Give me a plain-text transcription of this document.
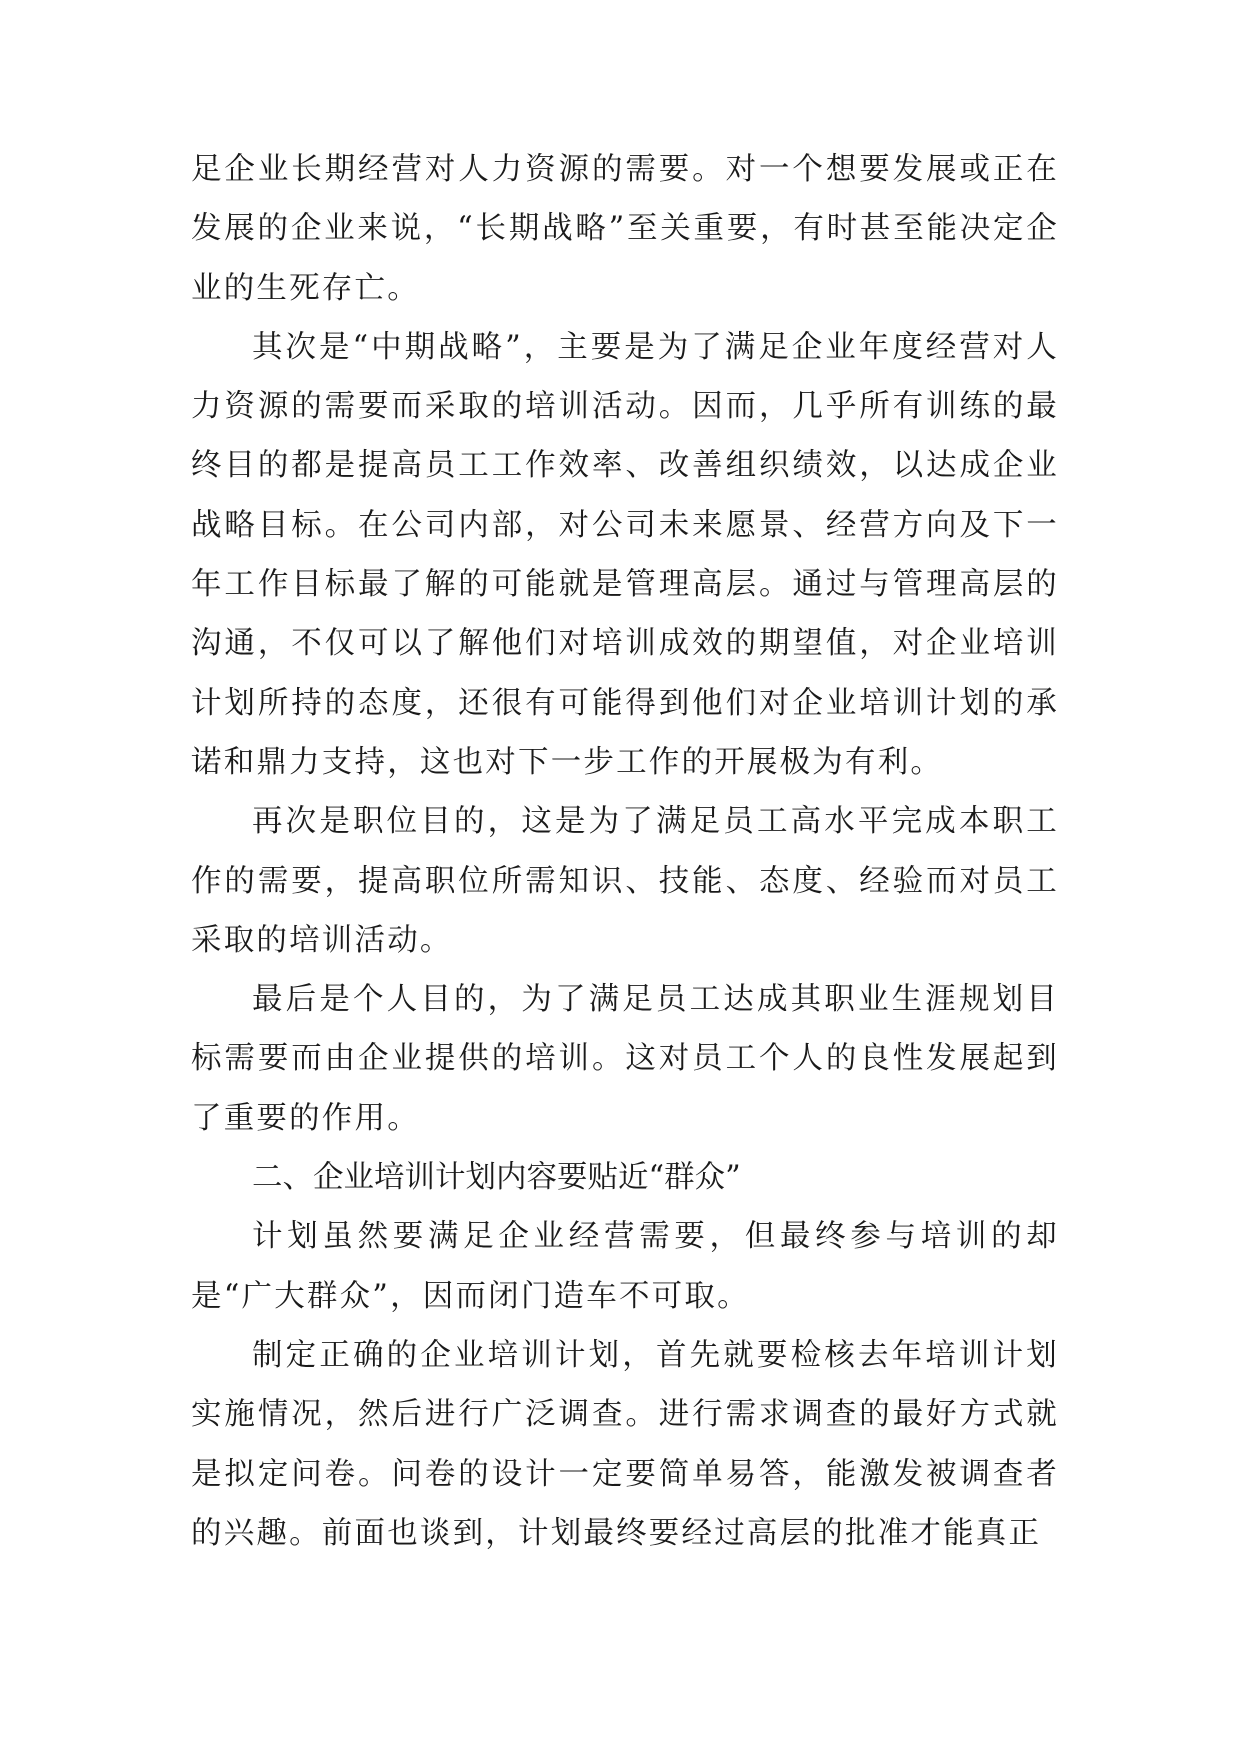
足企业长期经营对人力资源的需要。对一个想要发展或正在发展的企业来说，“长期战略”至关重要，有时甚至能决定企业的生死存亡。

其次是“中期战略”，主要是为了满足企业年度经营对人力资源的需要而采取的培训活动。因而，几乎所有训练的最终目的都是提高员工工作效率、改善组织绩效，以达成企业战略目标。在公司内部，对公司未来愿景、经营方向及下一年工作目标最了解的可能就是管理高层。通过与管理高层的沟通，不仅可以了解他们对培训成效的期望值，对企业培训计划所持的态度，还很有可能得到他们对企业培训计划的承诺和鼎力支持，这也对下一步工作的开展极为有利。

再次是职位目的，这是为了满足员工高水平完成本职工作的需要，提高职位所需知识、技能、态度、经验而对员工采取的培训活动。

最后是个人目的，为了满足员工达成其职业生涯规划目标需要而由企业提供的培训。这对员工个人的良性发展起到了重要的作用。

二、企业培训计划内容要贴近“群众”

计划虽然要满足企业经营需要，但最终参与培训的却是“广大群众”，因而闭门造车不可取。

制定正确的企业培训计划，首先就要检核去年培训计划实施情况，然后进行广泛调查。进行需求调查的最好方式就是拟定问卷。问卷的设计一定要简单易答，能激发被调查者的兴趣。前面也谈到，计划最终要经过高层的批准才能真正
